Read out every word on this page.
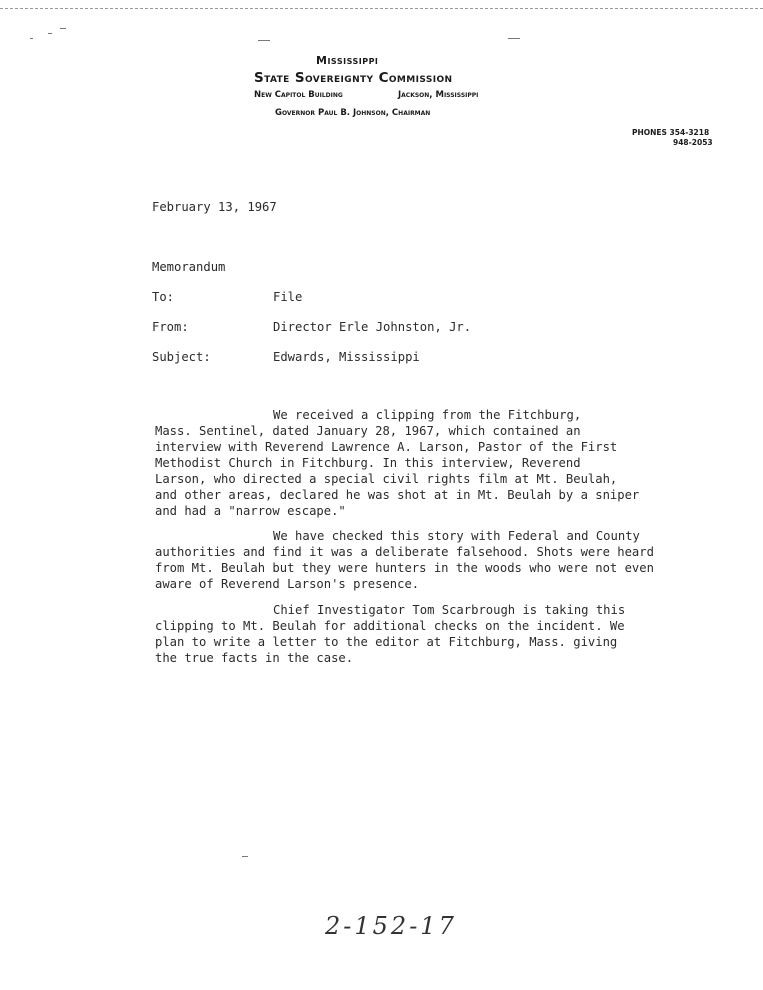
Mississippi
State Sovereignty Commission
New Capitol Building	Jackson, Mississippi
Governor Paul B. Johnson, Chairman
PHONES 354-3218
948-2053
February 13, 1967
Memorandum
To:	File
From:	Director Erle Johnston, Jr.
Subject:	Edwards, Mississippi
We received a clipping from the Fitchburg,
Mass. Sentinel, dated January 28, 1967, which contained an
interview with Reverend Lawrence A. Larson, Pastor of the First
Methodist Church in Fitchburg. In this interview, Reverend
Larson, who directed a special civil rights film at Mt. Beulah,
and other areas, declared he was shot at in Mt. Beulah by a sniper
and had a "narrow escape."
We have checked this story with Federal and County
authorities and find it was a deliberate falsehood. Shots were heard
from Mt. Beulah but they were hunters in the woods who were not even
aware of Reverend Larson's presence.
Chief Investigator Tom Scarbrough is taking this
clipping to Mt. Beulah for additional checks on the incident. We
plan to write a letter to the editor at Fitchburg, Mass. giving
the true facts in the case.
2-152-17
